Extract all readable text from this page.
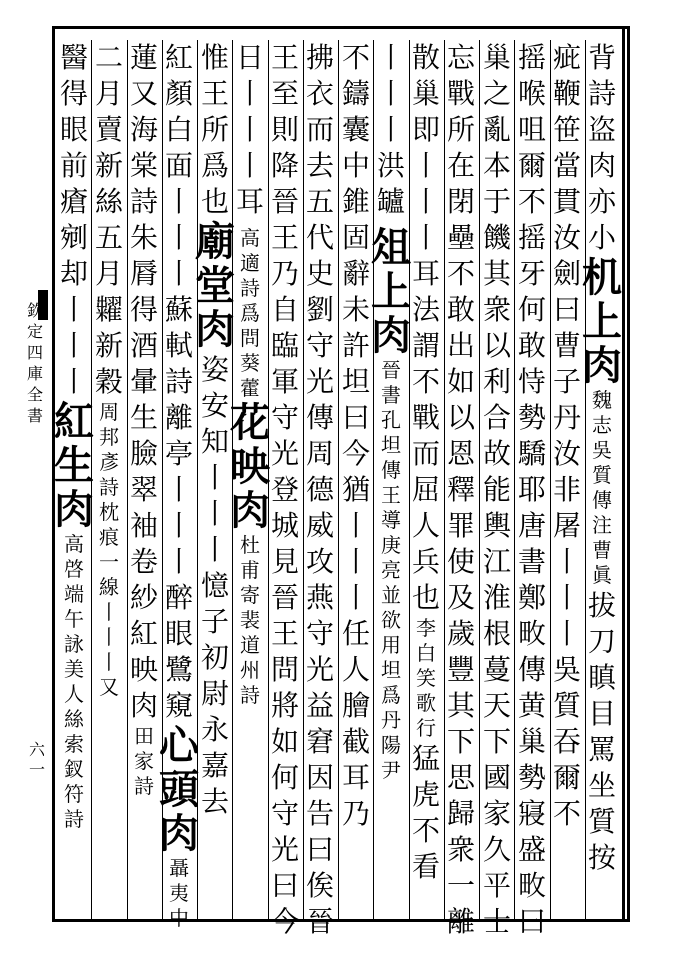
欽
定
四
庫
全
書
六
一
背
詩
盗
肉
亦
小
机
上
肉
魏
志
吳
質
傳
注
曹
眞
拔
刀
瞋
目
罵
坐
質
按
疵
鞭
笹
當
貫
汝
劍
曰
曹
子
丹
汝
非
屠
丨
丨
丨
吳
質
吞
爾
不
摇
喉
咀
爾
不
摇
牙
何
敢
恃
勢
驕
耶
唐
書
鄭
畋
傳
黄
巢
勢
寢
盛
畋
曰
巢
之
亂
本
于
饑
其
衆
以
利
合
故
能
輿
江
淮
根
蔓
天
下
國
家
久
平
士
忘
戰
所
在
閉
壘
不
敢
出
如
以
恩
釋
罪
使
及
歲
豐
其
下
思
歸
衆
一
離
散
巢
即
丨
丨
丨
耳
法
謂
不
戰
而
屈
人
兵
也
李
白
笑
歌
行
猛
虎
不
看
丨
丨
丨
洪
罏
俎
上
肉
晉
書
孔
坦
傳
王
導
庚
亮
並
欲
用
坦
爲
丹
陽
尹
不
鑄
囊
中
錐
固
辭
未
許
坦
曰
今
猶
丨
丨
丨
任
人
膾
截
耳
乃
拂
衣
而
去
五
代
史
劉
守
光
傳
周
德
威
攻
燕
守
光
益
窘
因
告
曰
俟
晉
王
至
則
降
晉
王
乃
自
臨
軍
守
光
登
城
見
晉
王
問
將
如
何
守
光
曰
今
日
丨
丨
丨
耳
高
適
詩
爲
問
葵
藿
花
映
肉
杜
甫
寄
裴
道
州
詩
惟
王
所
爲
也
廟
堂
肉
姿
安
知
丨
丨
丨
憶
子
初
尉
永
嘉
去
紅
顏
白
面
丨
丨
丨
蘇
軾
詩
離
亭
丨
丨
丨
醉
眼
鷺
窺
心
頭
肉
聶
夷
中
蓮
又
海
棠
詩
朱
脣
得
酒
暈
生
臉
翠
袖
卷
紗
紅
映
肉
田
家
詩
二
月
賣
新
絲
五
月
糶
新
穀
周
邦
彥
詩
枕
痕
一
線
丨
丨
丨
又
醫
得
眼
前
瘡
剜
却
丨
丨
丨
紅
生
肉
高
啓
端
午
詠
美
人
絲
索
釵
符
詩
